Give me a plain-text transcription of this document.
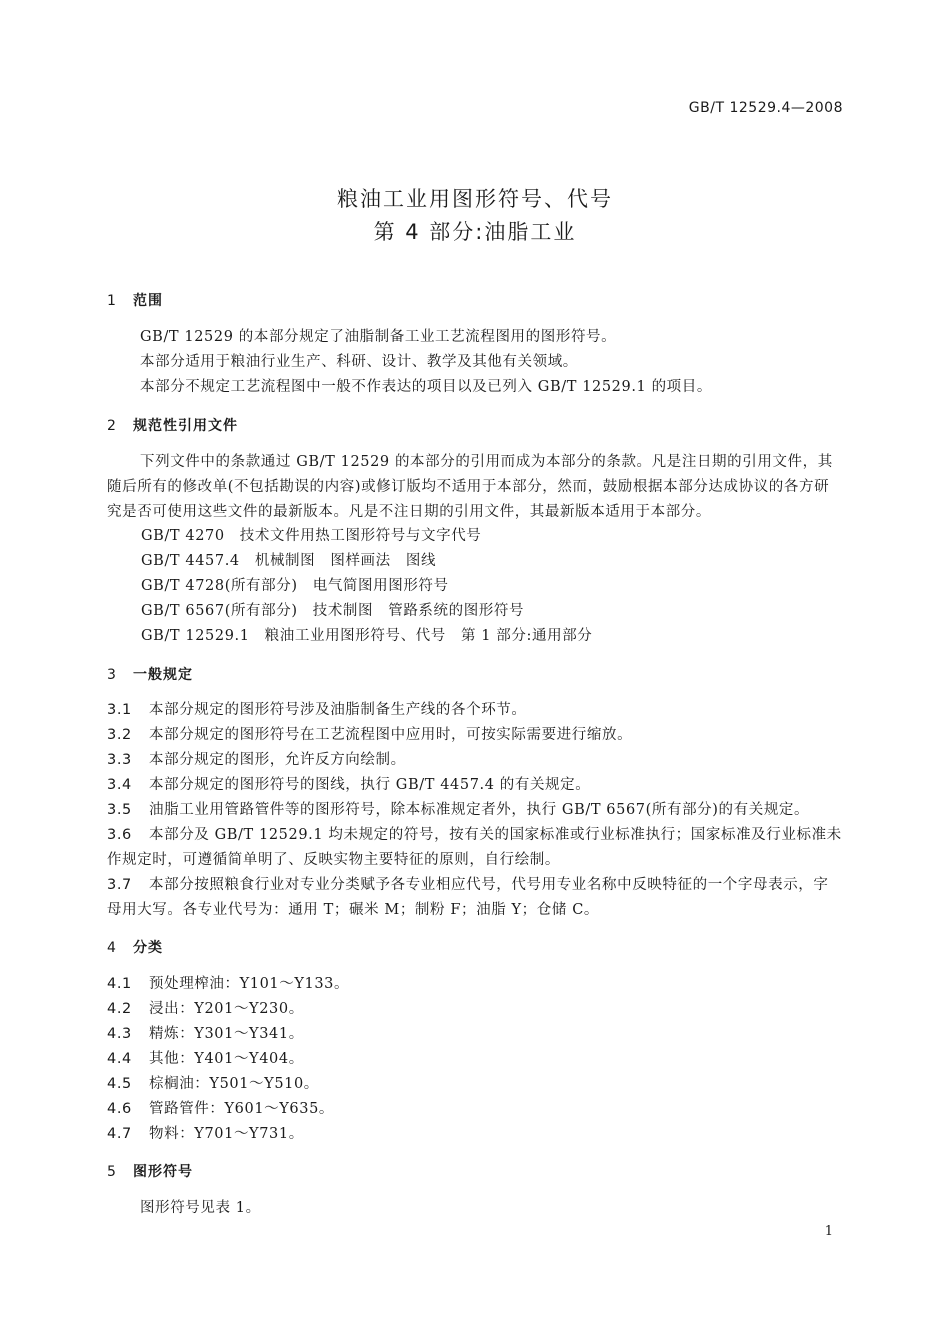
GB/T 12529.4—2008
粮油工业用图形符号、代号
第 4 部分:油脂工业
1 范围
GB/T 12529 的本部分规定了油脂制备工业工艺流程图用的图形符号。
本部分适用于粮油行业生产、科研、设计、教学及其他有关领域。
本部分不规定工艺流程图中一般不作表达的项目以及已列入 GB/T 12529.1 的项目。
2 规范性引用文件
下列文件中的条款通过 GB/T 12529 的本部分的引用而成为本部分的条款。凡是注日期的引用文件，其随后所有的修改单(不包括勘误的内容)或修订版均不适用于本部分，然而，鼓励根据本部分达成协议的各方研究是否可使用这些文件的最新版本。凡是不注日期的引用文件，其最新版本适用于本部分。
GB/T 4270　技术文件用热工图形符号与文字代号
GB/T 4457.4　机械制图　图样画法　图线
GB/T 4728(所有部分)　电气简图用图形符号
GB/T 6567(所有部分)　技术制图　管路系统的图形符号
GB/T 12529.1　粮油工业用图形符号、代号　第 1 部分:通用部分
3 一般规定
3.1 本部分规定的图形符号涉及油脂制备生产线的各个环节。
3.2 本部分规定的图形符号在工艺流程图中应用时，可按实际需要进行缩放。
3.3 本部分规定的图形，允许反方向绘制。
3.4 本部分规定的图形符号的图线，执行 GB/T 4457.4 的有关规定。
3.5 油脂工业用管路管件等的图形符号，除本标准规定者外，执行 GB/T 6567(所有部分)的有关规定。
3.6 本部分及 GB/T 12529.1 均未规定的符号，按有关的国家标准或行业标准执行；国家标准及行业标准未作规定时，可遵循简单明了、反映实物主要特征的原则，自行绘制。
3.7 本部分按照粮食行业对专业分类赋予各专业相应代号，代号用专业名称中反映特征的一个字母表示，字母用大写。各专业代号为：通用 T；碾米 M；制粉 F；油脂 Y；仓储 C。
4 分类
4.1 预处理榨油：Y101～Y133。
4.2 浸出：Y201～Y230。
4.3 精炼：Y301～Y341。
4.4 其他：Y401～Y404。
4.5 棕榈油：Y501～Y510。
4.6 管路管件：Y601～Y635。
4.7 物料：Y701～Y731。
5 图形符号
图形符号见表 1。
1
